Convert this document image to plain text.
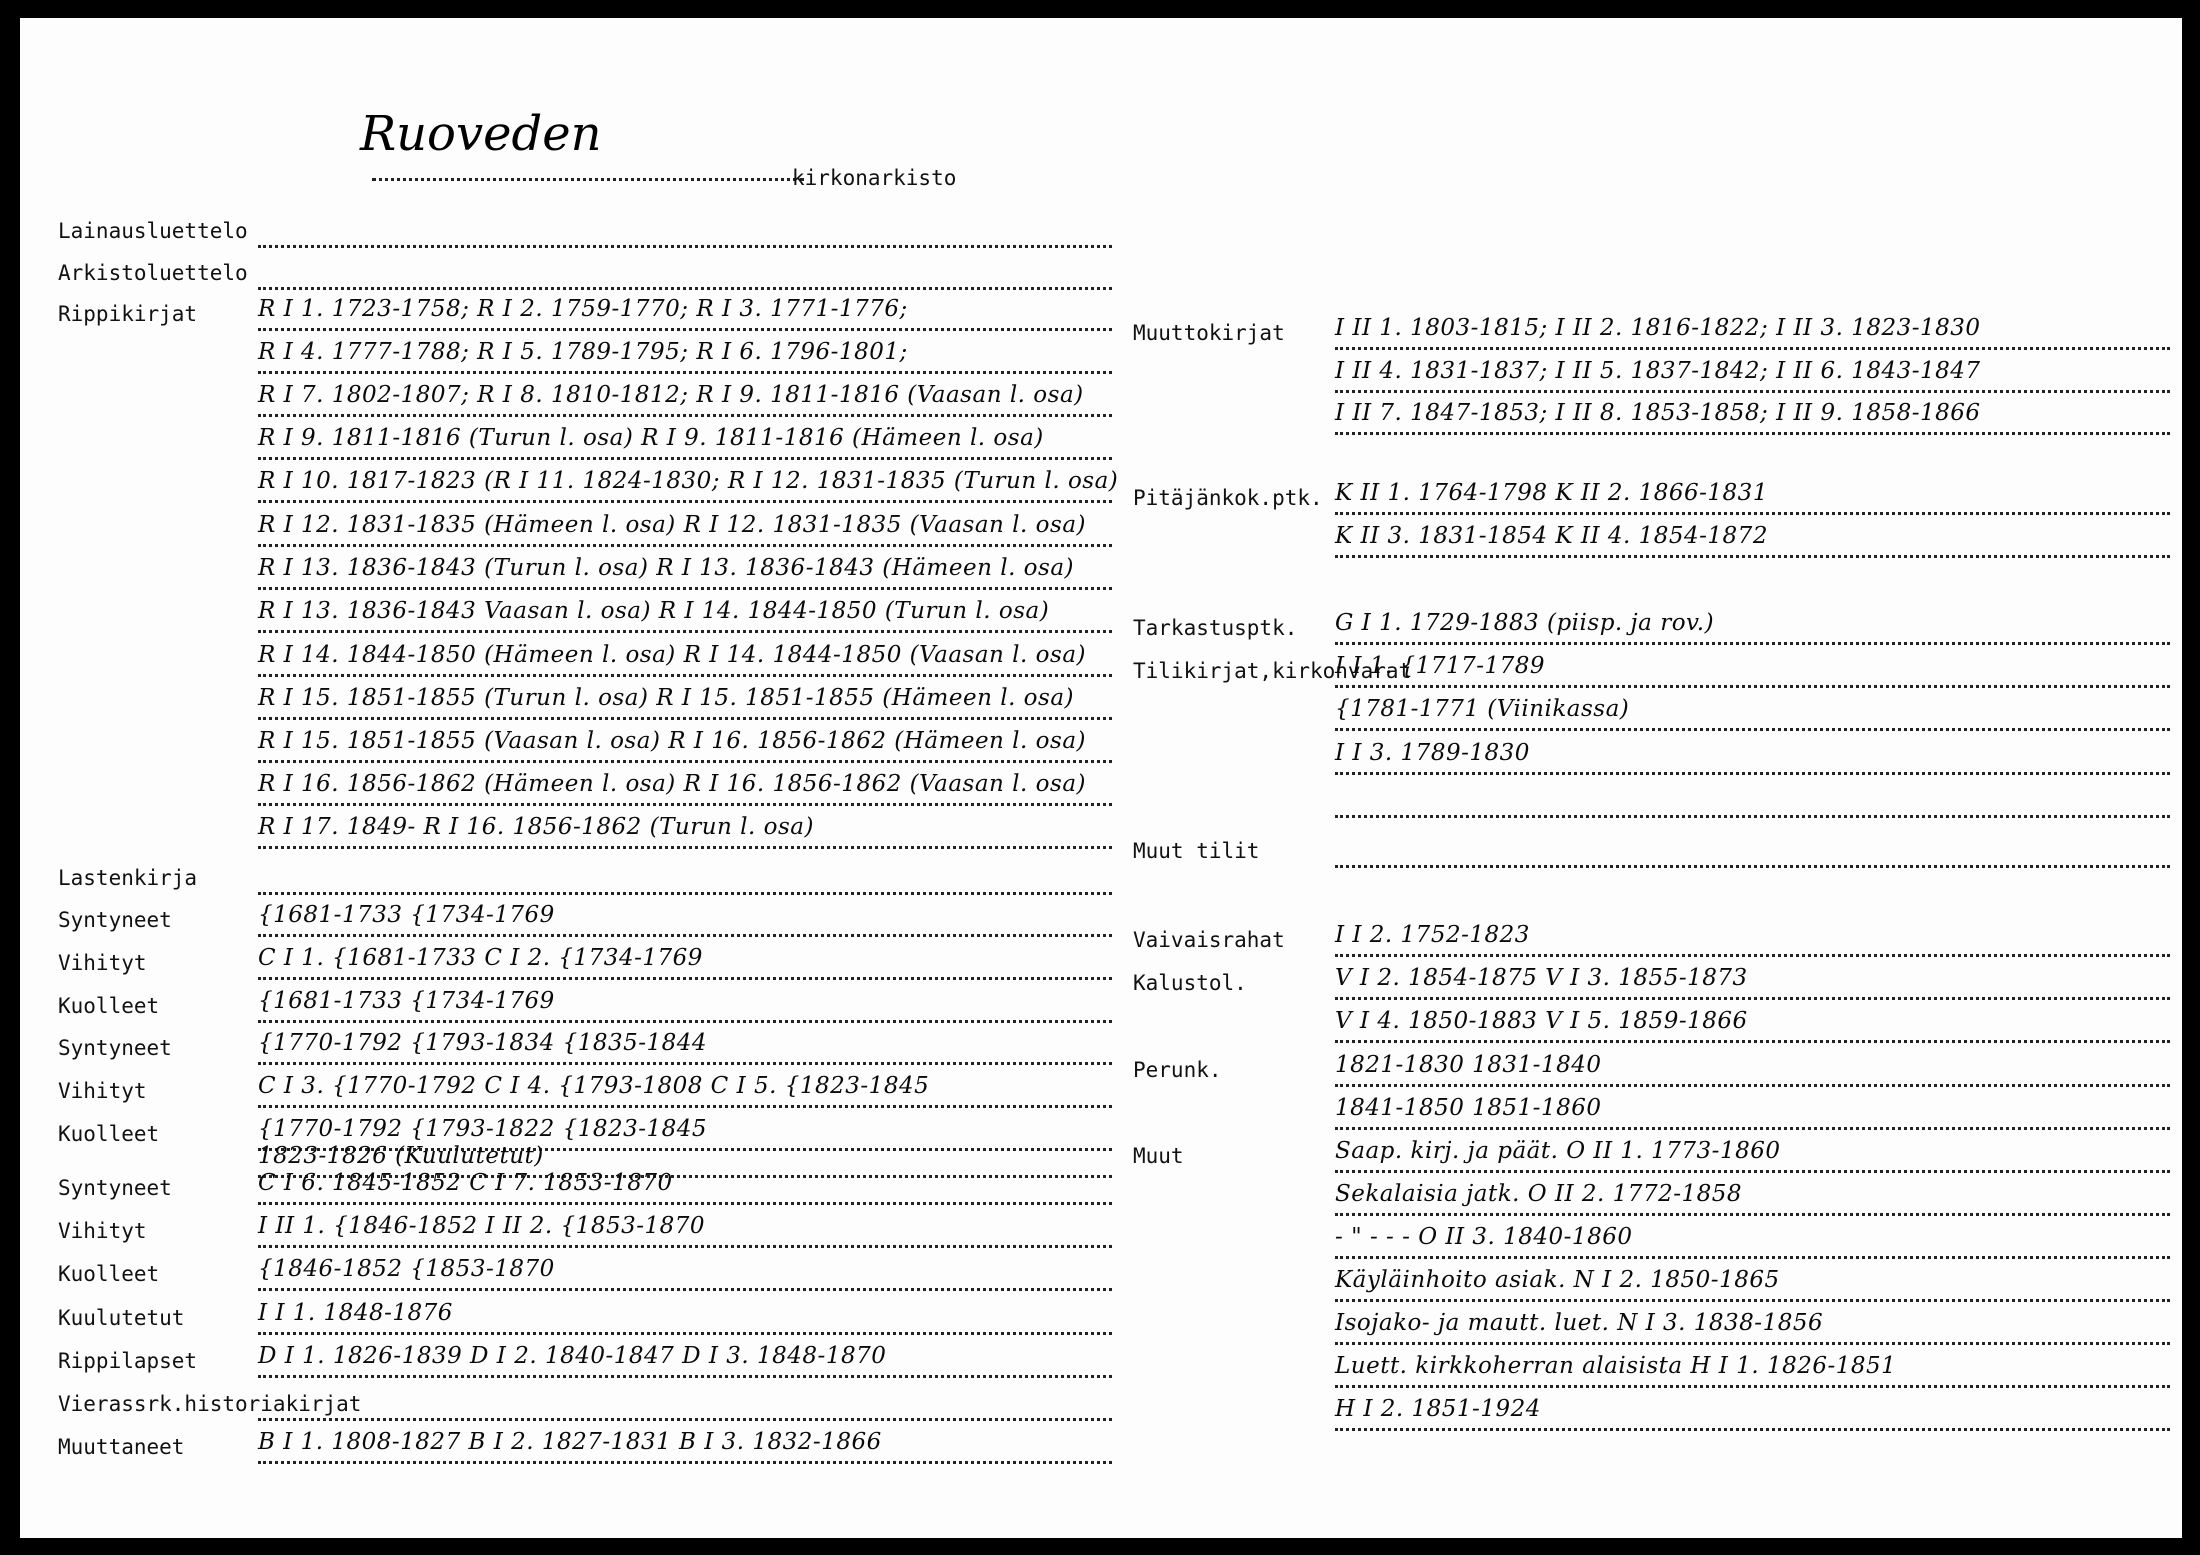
Ruoveden
kirkonarkisto
Lainausluettelo
Arkistoluettelo
Rippikirjat	R I 1. 1723-1758; R I 2. 1759-1770; R I 3. 1771-1776;
R I 4. 1777-1788; R I 5. 1789-1795; R I 6. 1796-1801;
R I 7. 1802-1807; R I 8. 1810-1812; R I 9. 1811-1816 (Vaasan l. osa)
R I 9. 1811-1816 (Turun l. osa) R I 9. 1811-1816 (Hämeen l. osa)
R I 10. 1817-1823 (R I 11. 1824-1830; R I 12. 1831-1835 (Turun l. osa)
R I 12. 1831-1835 (Hämeen l. osa) R I 12. 1831-1835 (Vaasan l. osa)
R I 13. 1836-1843 (Turun l. osa) R I 13. 1836-1843 (Hämeen l. osa)
R I 13. 1836-1843 Vaasan l. osa) R I 14. 1844-1850 (Turun l. osa)
R I 14. 1844-1850 (Hämeen l. osa) R I 14. 1844-1850 (Vaasan l. osa)
R I 15. 1851-1855 (Turun l. osa) R I 15. 1851-1855 (Hämeen l. osa)
R I 15. 1851-1855 (Vaasan l. osa) R I 16. 1856-1862 (Hämeen l. osa)
R I 16. 1856-1862 (Hämeen l. osa) R I 16. 1856-1862 (Vaasan l. osa)
R I 17. 1849- R I 16. 1856-1862 (Turun l. osa)
Lastenkirja
Syntyneet	{1681-1733 {1734-1769
Vihityt	C I 1. {1681-1733 C I 2. {1734-1769
Kuolleet	{1681-1733 {1734-1769
Syntyneet	{1770-1792 {1793-1834 {1835-1844
Vihityt	C I 3. {1770-1792 C I 4. {1793-1808 C I 5. {1823-1845
Kuolleet	{1770-1792 {1793-1822 {1823-1845
1823-1826 (Kuulutetut)
Syntyneet	C I 6. 1845-1852 C I 7. 1853-1870
Vihityt	I II 1. {1846-1852 I II 2. {1853-1870
Kuolleet	{1846-1852 {1853-1870
Kuulutetut	I I 1. 1848-1876
Rippilapset	D I 1. 1826-1839 D I 2. 1840-1847 D I 3. 1848-1870
Vierassrk.historiakirjat
Muuttaneet	B I 1. 1808-1827 B I 2. 1827-1831 B I 3. 1832-1866
Muuttokirjat I II 1. 1803-1815; I II 2. 1816-1822; I II 3. 1823-1830
I II 4. 1831-1837; I II 5. 1837-1842; I II 6. 1843-1847
I II 7. 1847-1853; I II 8. 1853-1858; I II 9. 1858-1866
Pitäjänkok.ptk. K II 1. 1764-1798 K II 2. 1866-1831
K II 3. 1831-1854 K II 4. 1854-1872
Tarkastusptk. G I 1. 1729-1883 (piisp. ja rov.)
Tilikirjat,kirkonvarat
I I 1. {1717-1789
{1781-1771 (Viinikassa)
I I 3. 1789-1830
Muut tilit
Vaivaisrahat I I 2. 1752-1823
Kalustol.	V I 2. 1854-1875 V I 3. 1855-1873
V I 4. 1850-1883 V I 5. 1859-1866
Perunk.	1821-1830 1831-1840
1841-1850 1851-1860
Muut	Saap. kirj. ja päät. O II 1. 1773-1860
Sekalaisia jatk. O II 2. 1772-1858
- " - - - O II 3. 1840-1860
Käyläinhoito asiak. N I 2. 1850-1865
Isojako- ja mautt. luet. N I 3. 1838-1856
Luett. kirkkoherran alaisista H I 1. 1826-1851
H I 2. 1851-1924
